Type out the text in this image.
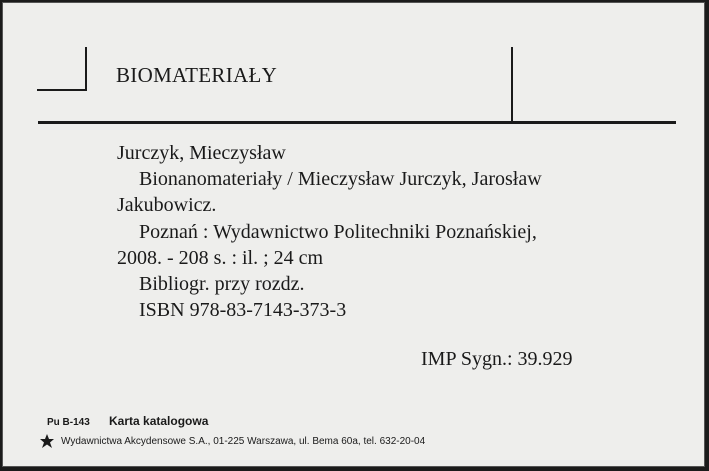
BIOMATERIAŁY
Jurczyk, Mieczysław
Bionanomateriały / Mieczysław Jurczyk, Jarosław
Jakubowicz.
Poznań : Wydawnictwo Politechniki Poznańskiej,
2008. - 208 s. : il. ; 24 cm
Bibliogr. przy rozdz.
ISBN 978-83-7143-373-3
IMP Sygn.: 39.929
Pu B-143 Karta katalogowa
Wydawnictwa Akcydensowe S.A., 01-225 Warszawa, ul. Bema 60a, tel. 632-20-04
